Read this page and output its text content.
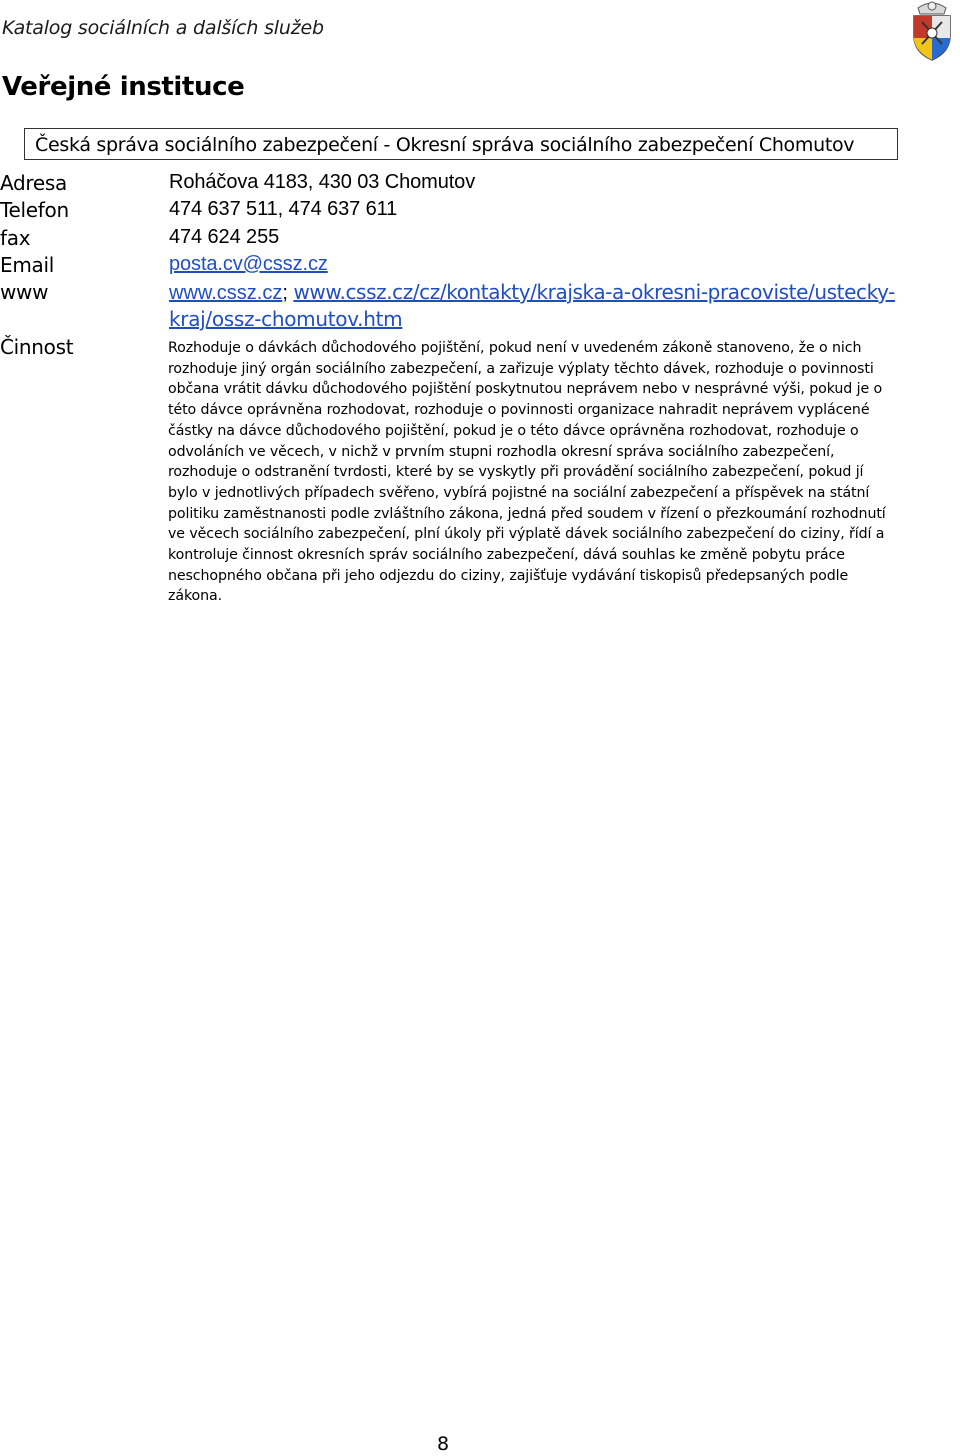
Katalog sociálních a dalších služeb
Veřejné instituce
Česká správa sociálního zabezpečení - Okresní správa sociálního zabezpečení Chomutov
Adresa	Roháčova 4183, 430 03 Chomutov
Telefon	474 637 511, 474 637 611
fax	474 624 255
Email	posta.cv@cssz.cz
www	www.cssz.cz; www.cssz.cz/cz/kontakty/krajska-a-okresni-pracoviste/ustecky-
kraj/ossz-chomutov.htm
Činnost	Rozhoduje o dávkách důchodového pojištění, pokud není v uvedeném zákoně stanoveno, že o nich rozhoduje jiný orgán sociálního zabezpečení, a zařizuje výplaty těchto dávek, rozhoduje o povinnosti občana vrátit dávku důchodového pojištění poskytnutou neprávem nebo v nesprávné výši, pokud je o této dávce oprávněna rozhodovat, rozhoduje o povinnosti organizace nahradit neprávem vyplácené částky na dávce důchodového pojištění, pokud je o této dávce oprávněna rozhodovat, rozhoduje o odvoláních ve věcech, v nichž v prvním stupni rozhodla okresní správa sociálního zabezpečení, rozhoduje o odstranění tvrdosti, které by se vyskytly při provádění sociálního zabezpečení, pokud jí bylo v jednotlivých případech svěřeno, vybírá pojistné na sociální zabezpečení a příspěvek na státní politiku zaměstnanosti podle zvláštního zákona, jedná před soudem v řízení o přezkoumání rozhodnutí ve věcech sociálního zabezpečení, plní úkoly při výplatě dávek sociálního zabezpečení do ciziny, řídí a kontroluje činnost okresních správ sociálního zabezpečení, dává souhlas ke změně pobytu práce neschopného občana při jeho odjezdu do ciziny, zajišťuje vydávání tiskopisů předepsaných podle zákona.
8
